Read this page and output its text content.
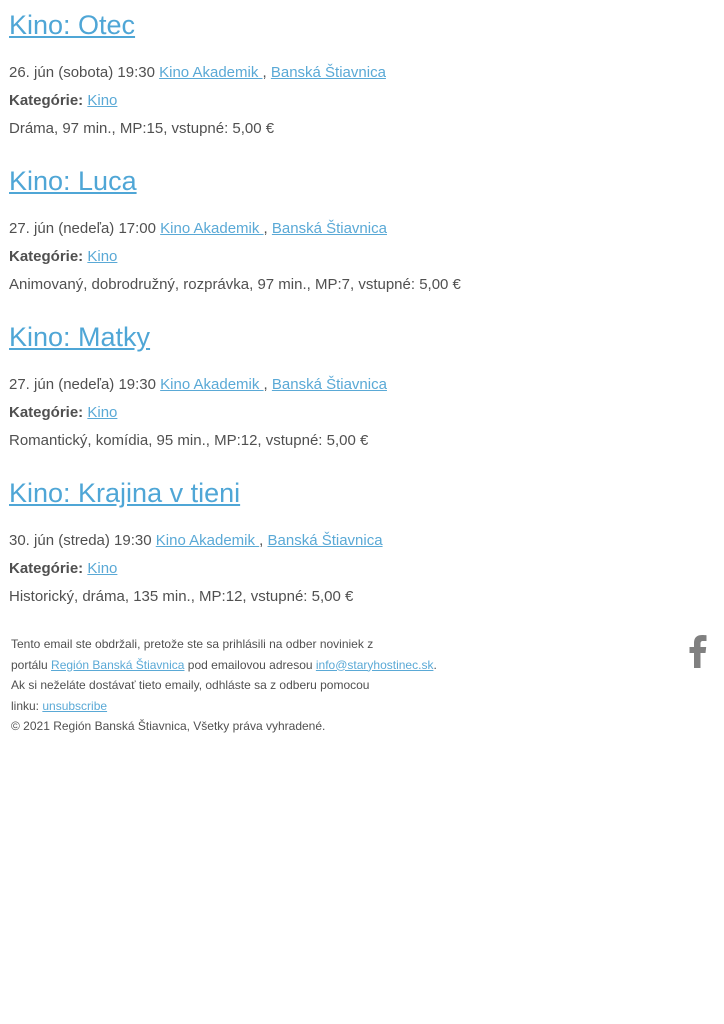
Kino: Otec
26. jún (sobota) 19:30 Kino Akademik , Banská Štiavnica
Kategórie: Kino
Dráma, 97 min., MP:15, vstupné: 5,00 €
Kino: Luca
27. jún (nedeľa) 17:00 Kino Akademik , Banská Štiavnica
Kategórie: Kino
Animovaný, dobrodružný, rozprávka, 97 min., MP:7, vstupné: 5,00 €
Kino: Matky
27. jún (nedeľa) 19:30 Kino Akademik , Banská Štiavnica
Kategórie: Kino
Romantický, komídia, 95 min., MP:12, vstupné: 5,00 €
Kino: Krajina v tieni
30. jún (streda) 19:30 Kino Akademik , Banská Štiavnica
Kategórie: Kino
Historický, dráma, 135 min., MP:12, vstupné: 5,00 €

Tento email ste obdržali, pretože ste sa prihlásili na odber noviniek z

portálu Región Banská Štiavnica pod emailovou adresou info@staryhostinec.sk.

Ak si neželáte dostávať tieto emaily, odhláste sa z odberu pomocou

linku: unsubscribe

© 2021 Región Banská Štiavnica, Všetky práva vyhradené.
